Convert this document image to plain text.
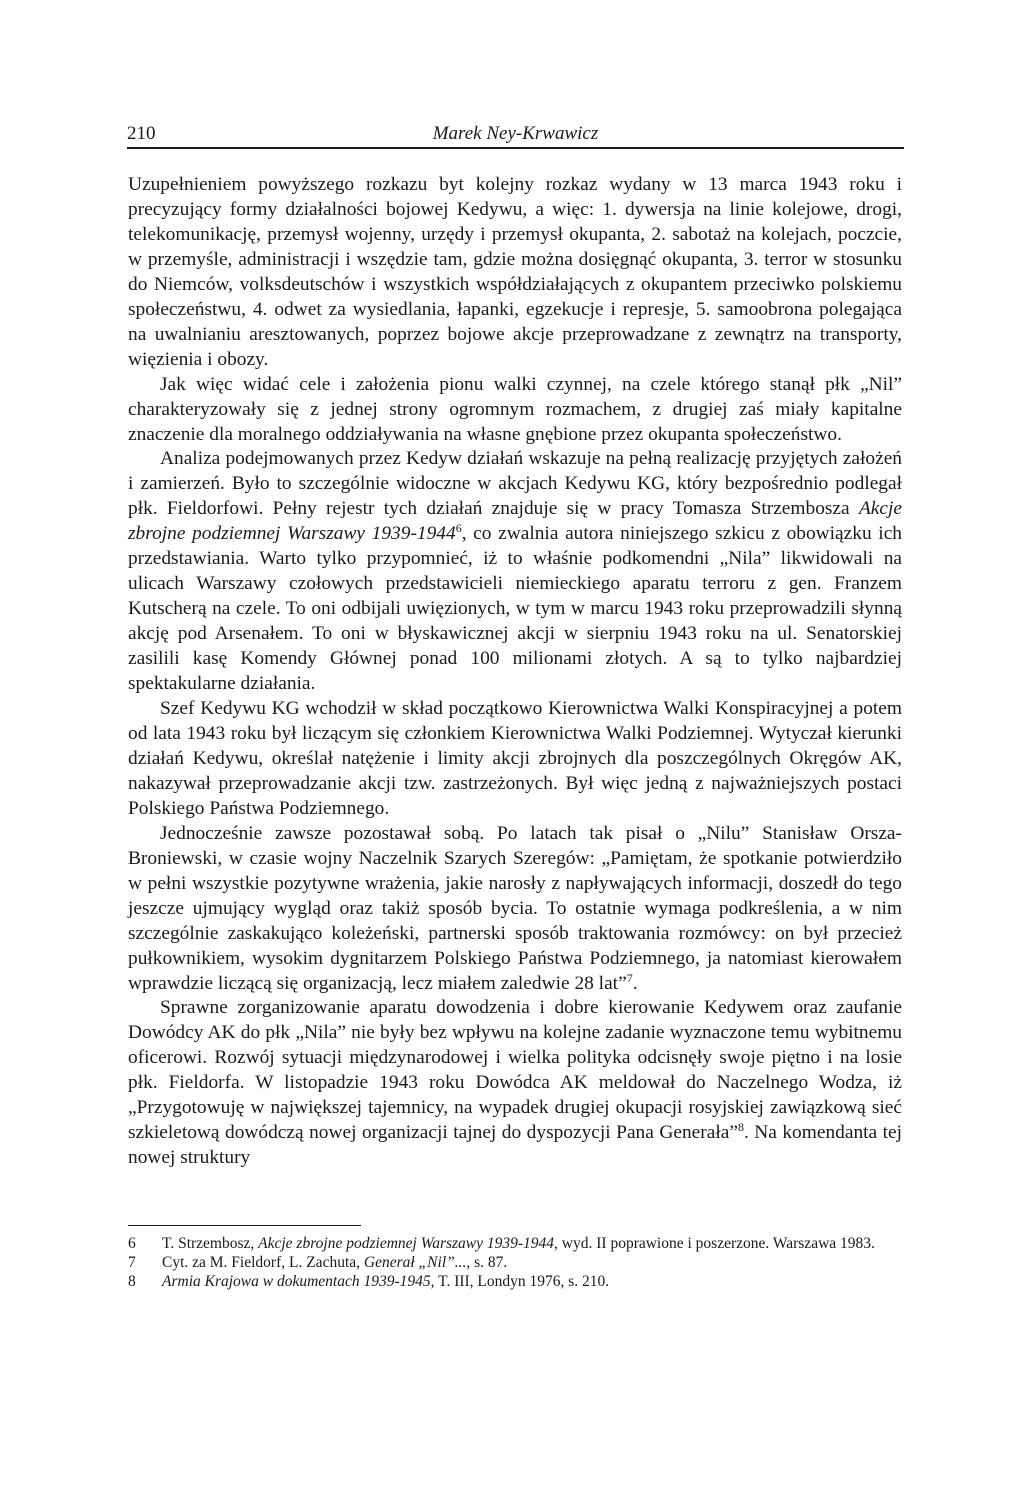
210	Marek Ney-Krwawicz

Uzupełnieniem powyższego rozkazu byt kolejny rozkaz wydany w 13 marca 1943 roku i precyzujący formy działalności bojowej Kedywu, a więc: 1. dywersja na linie kolejowe, drogi, telekomunikację, przemysł wojenny, urzędy i przemysł okupanta, 2. sabotaż na kolejach, poczcie, w przemyśle, administracji i wszędzie tam, gdzie można dosięgnąć okupanta, 3. terror w stosunku do Niemców, volksdeutschów i wszystkich współdziałających z okupantem przeciwko polskiemu społeczeństwu, 4. odwet za wysiedlania, łapanki, egzekucje i represje, 5. samoobrona polegająca na uwalnianiu aresztowanych, poprzez bojowe akcje przeprowadzane z zewnątrz na transporty, więzienia i obozy.

Jak więc widać cele i założenia pionu walki czynnej, na czele którego stanął płk „Nil” charakteryzowały się z jednej strony ogromnym rozmachem, z drugiej zaś miały kapitalne znaczenie dla moralnego oddziaływania na własne gnębione przez okupanta społeczeństwo.

Analiza podejmowanych przez Kedyw działań wskazuje na pełną realizację przyjętych założeń i zamierzeń. Było to szczególnie widoczne w akcjach Kedywu KG, który bezpośrednio podlegał płk. Fieldorfowi. Pełny rejestr tych działań znajduje się w pracy Tomasza Strzembosza Akcje zbrojne podziemnej Warszawy 1939-1944$^6$, co zwalnia autora niniejszego szkicu z obowiązku ich przedstawiania. Warto tylko przypomnieć, iż to właśnie podkomendni „Nila” likwidowali na ulicach Warszawy czołowych przedstawicieli niemieckiego aparatu terroru z gen. Franzem Kutscherą na czele. To oni odbijali uwięzionych, w tym w marcu 1943 roku przeprowadzili słynną akcję pod Arsenałem. To oni w błyskawicznej akcji w sierpniu 1943 roku na ul. Senatorskiej zasilili kasę Komendy Głównej ponad 100 milionami złotych. A są to tylko najbardziej spektakularne działania.

Szef Kedywu KG wchodził w skład początkowo Kierownictwa Walki Konspiracyjnej a potem od lata 1943 roku był liczącym się członkiem Kierownictwa Walki Podziemnej. Wytyczał kierunki działań Kedywu, określał natężenie i limity akcji zbrojnych dla poszczególnych Okręgów AK, nakazywał przeprowadzanie akcji tzw. zastrzeżonych. Był więc jedną z najważniejszych postaci Polskiego Państwa Podziemnego.

Jednocześnie zawsze pozostawał sobą. Po latach tak pisał o „Nilu” Stanisław Orsza-Broniewski, w czasie wojny Naczelnik Szarych Szeregów: „Pamiętam, że spotkanie potwierdziło w pełni wszystkie pozytywne wrażenia, jakie narosły z napływających informacji, doszedł do tego jeszcze ujmujący wygląd oraz takiż sposób bycia. To ostatnie wymaga podkreślenia, a w nim szczególnie zaskakująco koleżeński, partnerski sposób traktowania rozmówcy: on był przecież pułkownikiem, wysokim dygnitarzem Polskiego Państwa Podziemnego, ja natomiast kierowałem wprawdzie liczącą się organizacją, lecz miałem zaledwie 28 lat”$^7$.

Sprawne zorganizowanie aparatu dowodzenia i dobre kierowanie Kedywem oraz zaufanie Dowódcy AK do płk „Nila” nie były bez wpływu na kolejne zadanie wyznaczone temu wybitnemu oficerowi. Rozwój sytuacji międzynarodowej i wielka polityka odcisnęły swoje piętno i na losie płk. Fieldorfa. W listopadzie 1943 roku Dowódca AK meldował do Naczelnego Wodza, iż „Przygotowuję w największej tajemnicy, na wypadek drugiej okupacji rosyjskiej zawiązkową sieć szkieletową dowódczą nowej organizacji tajnej do dyspozycji Pana Generała”$^8$. Na komendanta tej nowej struktury

6 T. Strzembosz, Akcje zbrojne podziemnej Warszawy 1939-1944, wyd. II poprawione i poszerzone. Warszawa 1983.
7 Cyt. za M. Fieldorf, L. Zachuta, Generał „Nil”..., s. 87.
8 Armia Krajowa w dokumentach 1939-1945, T. III, Londyn 1976, s. 210.
